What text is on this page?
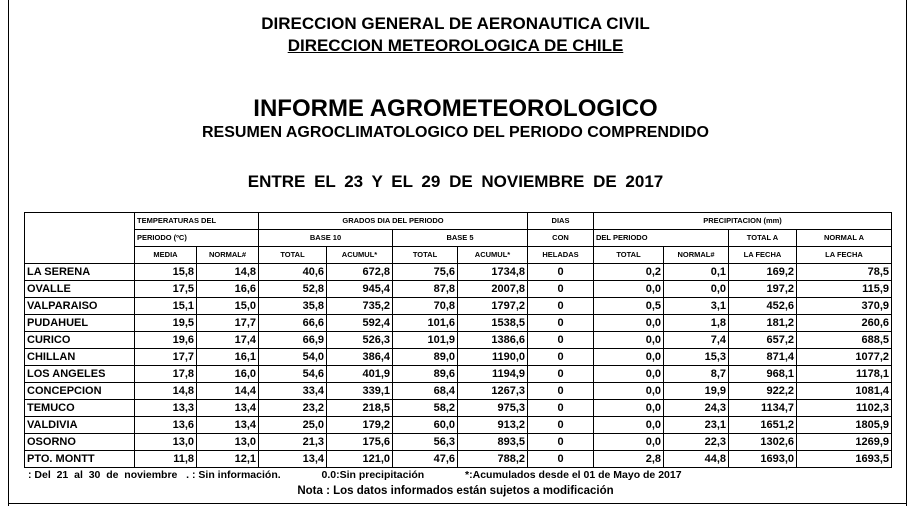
DIRECCION GENERAL DE AERONAUTICA CIVIL
DIRECCION METEOROLOGICA DE CHILE
INFORME AGROMETEOROLOGICO
RESUMEN AGROCLIMATOLOGICO DEL PERIODO COMPRENDIDO
ENTRE EL 23 Y EL 29 DE NOVIEMBRE DE 2017
	TEMPERATURAS DEL		GRADOS DIA DEL PERIODO				DIAS	PRECIPITACION (mm)			
	PERIODO (ºC)		BASE 10		BASE 5		CON	DEL PERIODO		TOTAL A	NORMAL A
	MEDIA	NORMAL#	TOTAL	ACUMUL*	TOTAL	ACUMUL*	HELADAS	TOTAL	NORMAL#	LA FECHA	LA FECHA
LA SERENA	15,8	14,8	40,6	672,8	75,6	1734,8	0	0,2	0,1	169,2	78,5
OVALLE	17,5	16,6	52,8	945,4	87,8	2007,8	0	0,0	0,0	197,2	115,9
VALPARAISO	15,1	15,0	35,8	735,2	70,8	1797,2	0	0,5	3,1	452,6	370,9
PUDAHUEL	19,5	17,7	66,6	592,4	101,6	1538,5	0	0,0	1,8	181,2	260,6
CURICO	19,6	17,4	66,9	526,3	101,9	1386,6	0	0,0	7,4	657,2	688,5
CHILLAN	17,7	16,1	54,0	386,4	89,0	1190,0	0	0,0	15,3	871,4	1077,2
LOS ANGELES	17,8	16,0	54,6	401,9	89,6	1194,9	0	0,0	8,7	968,1	1178,1
CONCEPCION	14,8	14,4	33,4	339,1	68,4	1267,3	0	0,0	19,9	922,2	1081,4
TEMUCO	13,3	13,4	23,2	218,5	58,2	975,3	0	0,0	24,3	1134,7	1102,3
VALDIVIA	13,6	13,4	25,0	179,2	60,0	913,2	0	0,0	23,1	1651,2	1805,9
OSORNO	13,0	13,0	21,3	175,6	56,3	893,5	0	0,0	22,3	1302,6	1269,9
PTO. MONTT	11,8	12,1	13,4	121,0	47,6	788,2	0	2,8	44,8	1693,0	1693,5
: Del  21  al  30  de  noviembre   . : Sin información.	0.0:Sin precipitación	*:Acumulados desde el 01 de Mayo de 2017
Nota : Los datos informados están sujetos a modificación
